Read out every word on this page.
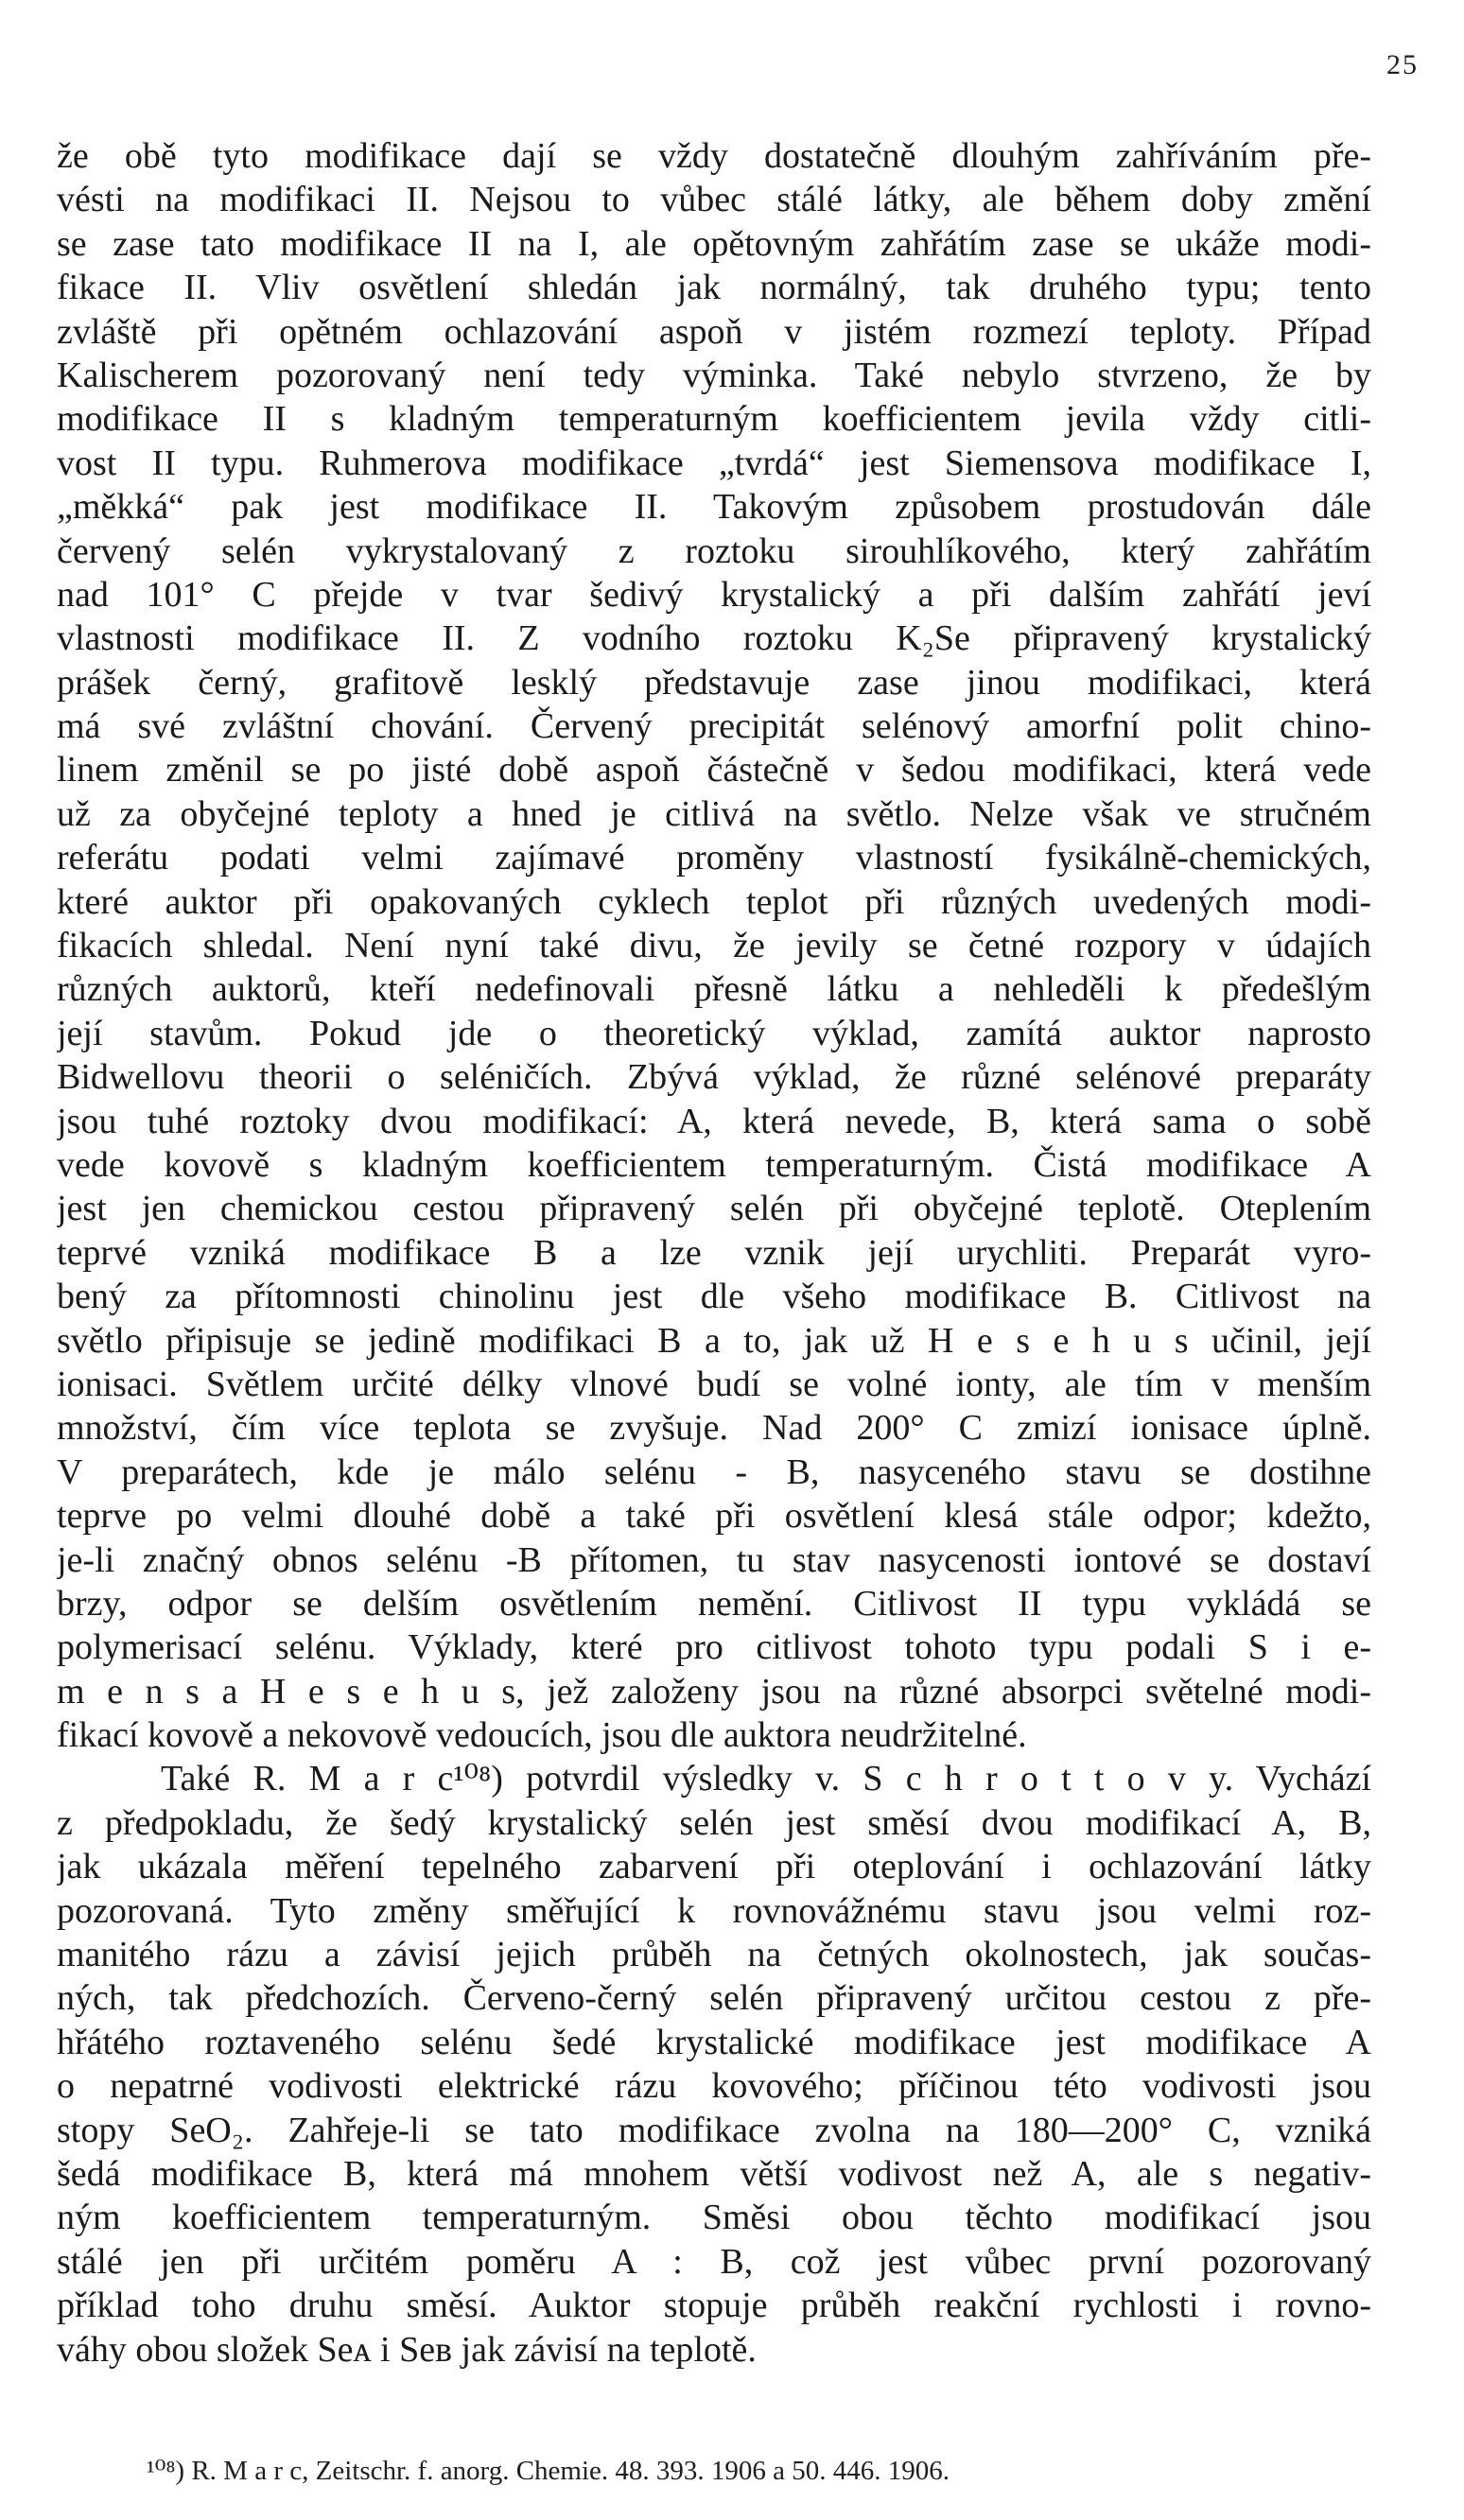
25
že obě tyto modifikace dají se vždy dostatečně dlouhým zahříváním pře-
vésti na modifikaci II. Nejsou to vůbec stálé látky, ale během doby změní
se zase tato modifikace II na I, ale opětovným zahřátím zase se ukáže modi-
fikace II. Vliv osvětlení shledán jak normálný, tak druhého typu; tento
zvláště při opětném ochlazování aspoň v jistém rozmezí teploty. Případ
Kalischerem pozorovaný není tedy výminka. Také nebylo stvrzeno, že by
modifikace II s kladným temperaturným koefficientem jevila vždy citli-
vost II typu. Ruhmerova modifikace „tvrdá“ jest Siemensova modifikace I,
„měkká“ pak jest modifikace II. Takovým způsobem prostudován dále
červený selén vykrystalovaný z roztoku sirouhlíkového, který zahřátím
nad 101° C přejde v tvar šedivý krystalický a při dalším zahřátí jeví
vlastnosti modifikace II. Z vodního roztoku K₂Se připravený krystalický
prášek černý, grafitově lesklý představuje zase jinou modifikaci, která
má své zvláštní chování. Červený precipitát selénový amorfní polit chino-
linem změnil se po jisté době aspoň částečně v šedou modifikaci, která vede
už za obyčejné teploty a hned je citlivá na světlo. Nelze však ve stručném
referátu podati velmi zajímavé proměny vlastností fysikálně-chemických,
které auktor při opakovaných cyklech teplot při různých uvedených modi-
fikacích shledal. Není nyní také divu, že jevily se četné rozpory v údajích
různých auktorů, kteří nedefinovali přesně látku a nehleděli k předešlým
její stavům. Pokud jde o theoretický výklad, zamítá auktor naprosto
Bidwellovu theorii o seléničích. Zbývá výklad, že různé selénové preparáty
jsou tuhé roztoky dvou modifikací: A, která nevede, B, která sama o sobě
vede kovově s kladným koefficientem temperaturným. Čistá modifikace A
jest jen chemickou cestou připravený selén při obyčejné teplotě. Oteplením
teprvé vzniká modifikace B a lze vznik její urychliti. Preparát vyro-
bený za přítomnosti chinolinu jest dle všeho modifikace B. Citlivost na
světlo připisuje se jedině modifikaci B a to, jak už H e s e h u s učinil, její
ionisaci. Světlem určité délky vlnové budí se volné ionty, ale tím v menším
množství, čím více teplota se zvyšuje. Nad 200° C zmizí ionisace úplně.
V preparátech, kde je málo selénu - B, nasyceného stavu se dostihne
teprve po velmi dlouhé době a také při osvětlení klesá stále odpor; kdežto,
je-li značný obnos selénu -B přítomen, tu stav nasycenosti iontové se dostaví
brzy, odpor se delším osvětlením nemění. Citlivost II typu vykládá se
polymerisací selénu. Výklady, které pro citlivost tohoto typu podali S i e-
m e n s a H e s e h u s, jež založeny jsou na různé absorpci světelné modi-
fikací kovově a nekovově vedoucích, jsou dle auktora neudržitelné.
Také R. M a r c¹⁰⁸) potvrdil výsledky v. S c h r o t t o v y. Vychází
z předpokladu, že šedý krystalický selén jest směsí dvou modifikací A, B,
jak ukázala měření tepelného zabarvení při oteplování i ochlazování látky
pozorovaná. Tyto změny směřující k rovnovážnému stavu jsou velmi roz-
manitého rázu a závisí jejich průběh na četných okolnostech, jak součas-
ných, tak předchozích. Červeno-černý selén připravený určitou cestou z pře-
hřátého roztaveného selénu šedé krystalické modifikace jest modifikace A
o nepatrné vodivosti elektrické rázu kovového; příčinou této vodivosti jsou
stopy SeO₂. Zahřeje-li se tato modifikace zvolna na 180—200° C, vzniká
šedá modifikace B, která má mnohem větší vodivost než A, ale s negativ-
ným koefficientem temperaturným. Směsi obou těchto modifikací jsou
stálé jen při určitém poměru A : B, což jest vůbec první pozorovaný
příklad toho druhu směsí. Auktor stopuje průběh reakční rychlosti i rovno-
váhy obou složek Seᴀ i Seв jak závisí na teplotě.
¹⁰⁸) R. M a r c, Zeitschr. f. anorg. Chemie. 48. 393. 1906 a 50. 446. 1906.
